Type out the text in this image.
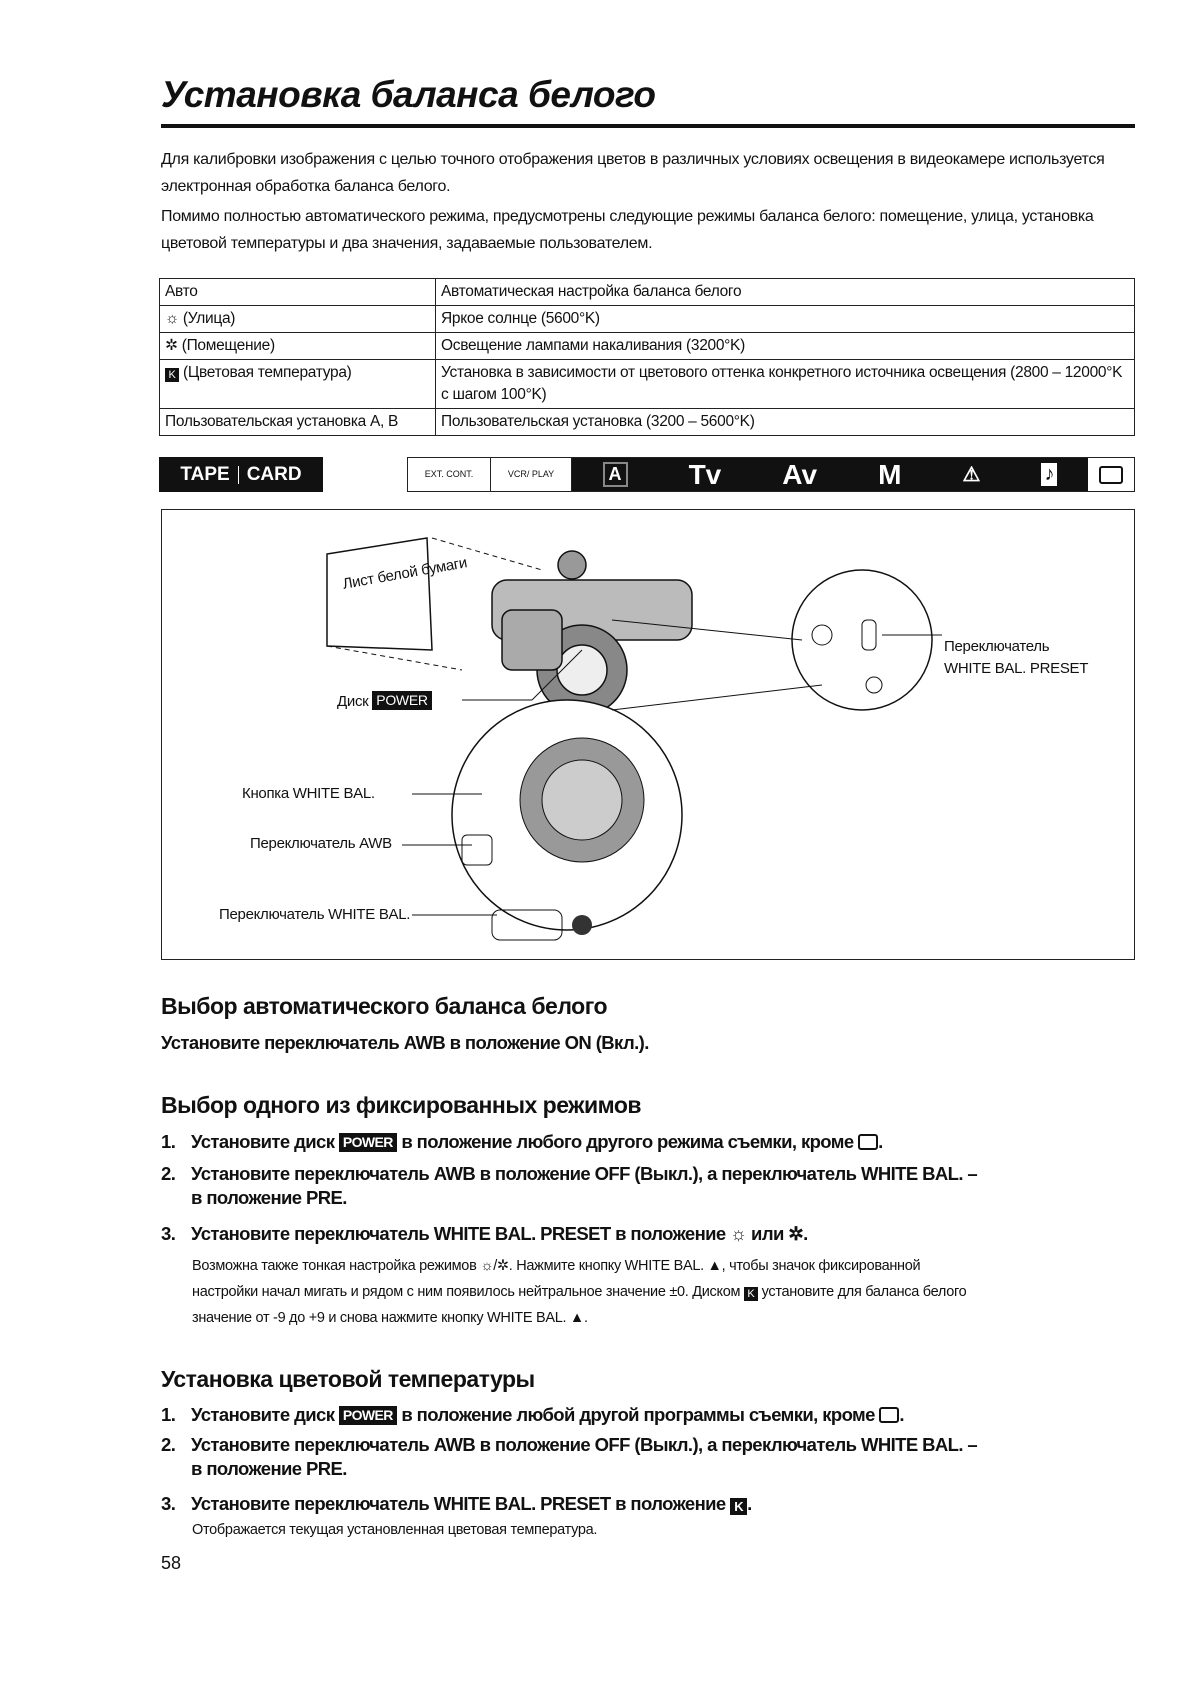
Установка баланса белого
Для калибровки изображения с целью точного отображения цветов в различных условиях освещения в видеокамере используется электронная обработка баланса белого.
Помимо полностью автоматического режима, предусмотрены следующие режимы баланса белого: помещение, улица, установка цветовой температуры и два значения, задаваемые пользователем.
Авто	Автоматическая настройка баланса белого
☼ (Улица)	Яркое солнце (5600°K)
✲ (Помещение)	Освещение лампами накаливания (3200°K)
K (Цветовая температура)	Установка в зависимости от цветового оттенка конкретного источника освещения (2800 – 12000°K с шагом 100°K)
Пользовательская установка A, B	Пользовательская установка (3200 – 5600°K)
TAPE CARD	EXT. CONT.	VCR/ PLAY	A Tv Av M	⚠	♪
Лист белой бумаги
Диск POWER
Кнопка WHITE BAL.
Переключатель AWB
Переключатель WHITE BAL.
Переключатель
WHITE BAL. PRESET
Выбор автоматического баланса белого
Установите переключатель AWB в положение ON (Вкл.).
Выбор одного из фиксированных режимов
1. Установите диск POWER в положение любого другого режима съемки, кроме .
2. Установите переключатель AWB в положение OFF (Выкл.), а переключатель WHITE BAL. –
в положение PRE.
3. Установите переключатель WHITE BAL. PRESET в положение ☼ или ✲.
Возможна также тонкая настройка режимов ☼/✲. Нажмите кнопку WHITE BAL. ▲, чтобы значок фиксированной
настройки начал мигать и рядом с ним появилось нейтральное значение ±0. Диском K установите для баланса белого
значение от -9 до +9 и снова нажмите кнопку WHITE BAL. ▲.
Установка цветовой температуры
1. Установите диск POWER в положение любой другой программы съемки, кроме .
2. Установите переключатель AWB в положение OFF (Выкл.), а переключатель WHITE BAL. –
в положение PRE.
3. Установите переключатель WHITE BAL. PRESET в положение K .
Отображается текущая установленная цветовая температура.
58
